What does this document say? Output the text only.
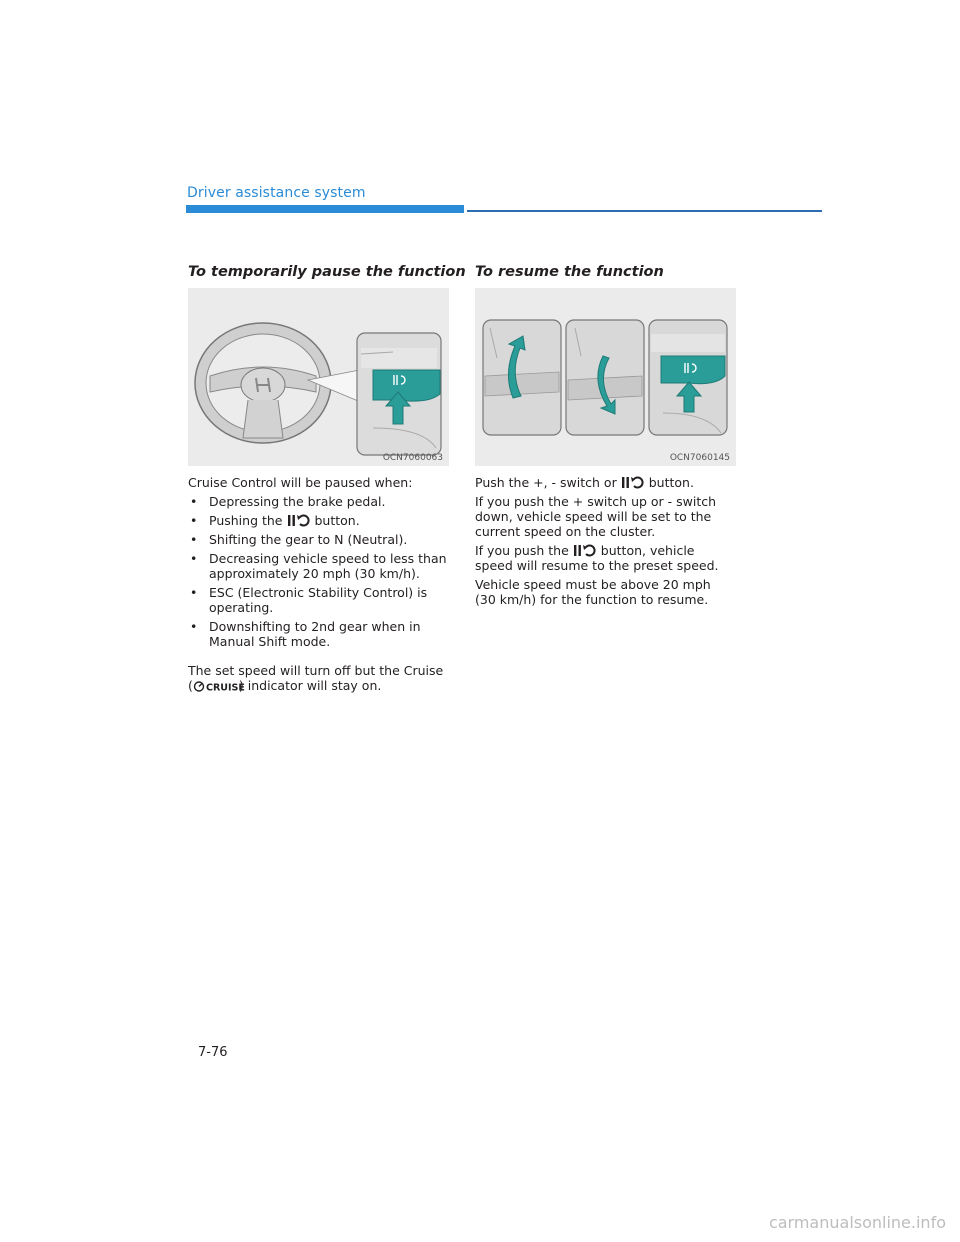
Driver assistance system
To temporarily pause the function
OCN7060063

Cruise Control will be paused when:

• Depressing the brake pedal.
• Pushing the	button.
• Shifting the gear to N (Neutral).
• Decreasing vehicle speed to less than approximately 20 mph (30 km/h).
• ESC (Electronic Stability Control) is operating.
• Downshifting to 2nd gear when in Manual Shift mode.

The set speed will turn off but the Cruise ( CRUISE
) indicator will stay on.

To resume the function
OCN7060145

Push the +, - switch or	button.

If you push the + switch up or - switch down, vehicle speed will be set to the current speed on the cluster.

If you push the	button, vehicle speed will resume to the preset speed.

Vehicle speed must be above 20 mph (30 km/h) for the function to resume.

7-76
carmanualsonline.info
